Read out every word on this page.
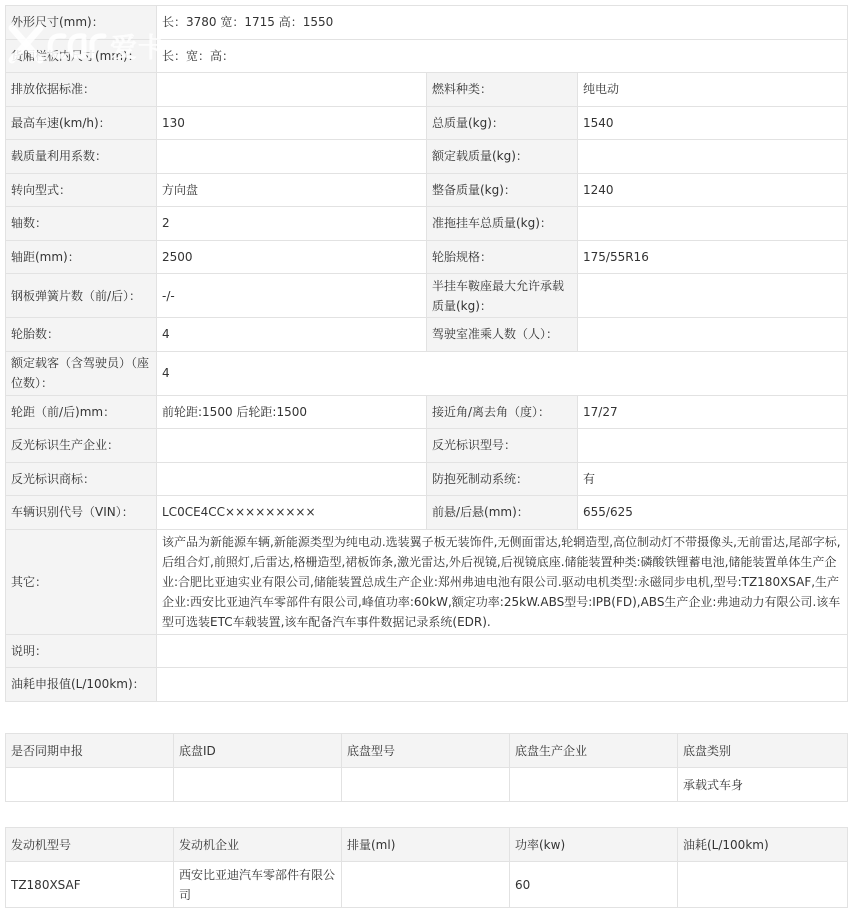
外形尺寸(mm)：	长：3780 宽：1715 高：1550		
货厢栏板内尺寸(mm)：	长：宽：高：		
排放依据标准：		燃料种类：	纯电动
最高车速(km/h)：	130	总质量(kg)：	1540
载质量利用系数：		额定载质量(kg)：	
转向型式：	方向盘	整备质量(kg)：	1240
轴数：	2	准拖挂车总质量(kg)：	
轴距(mm)：	2500	轮胎规格：	175/55R16
钢板弹簧片数（前/后）：	-/-	半挂车鞍座最大允许承载质量(kg)：	
轮胎数：	4	驾驶室准乘人数（人）：	
额定载客（含驾驶员）（座位数）：	4		
轮距（前/后)mm：	前轮距:1500 后轮距:1500	接近角/离去角（度）：	17/27
反光标识生产企业：		反光标识型号：	
反光标识商标：		防抱死制动系统：	有
车辆识别代号（VIN）：	LC0CE4CC×××××××××	前悬/后悬(mm)：	655/625
其它：	该产品为新能源车辆,新能源类型为纯电动.选装翼子板无装饰件,无侧面雷达,轮辋造型,高位制动灯不带摄像头,无前雷达,尾部字标,后组合灯,前照灯,后雷达,格栅造型,裙板饰条,激光雷达,外后视镜,后视镜底座.储能装置种类:磷酸铁锂蓄电池,储能装置单体生产企业:合肥比亚迪实业有限公司,储能装置总成生产企业:郑州弗迪电池有限公司.驱动电机类型:永磁同步电机,型号:TZ180XSAF,生产企业:西安比亚迪汽车零部件有限公司,峰值功率:60kW,额定功率:25kW.ABS型号:IPB(FD),ABS生产企业:弗迪动力有限公司.该车型可选装ETC车载装置,该车配备汽车事件数据记录系统(EDR).		
说明：			
油耗申报值(L/100km)：			
是否同期申报	底盘ID	底盘型号	底盘生产企业	底盘类别
				承载式车身
发动机型号	发动机企业	排量(ml)	功率(kw)	油耗(L/100km)
TZ180XSAF	西安比亚迪汽车零部件有限公司		60	
爱卡
